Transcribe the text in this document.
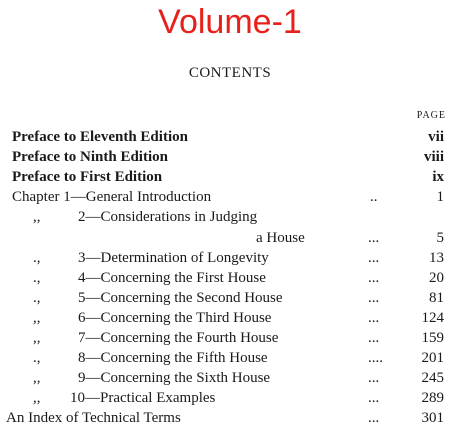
Volume-1
CONTENTS
PAGE
Preface to Eleventh Edition	vii
Preface to Ninth Edition	viii
Preface to First Edition	ix
Chapter 1—General Introduction	..	1
,,	2—Considerations in Judging
a House	...	5
.,	3—Determination of Longevity	...	13
.,	4—Concerning the First House	...	20
.,	5—Concerning the Second House	...	81
,,	6—Concerning the Third House	...	124
,,	7—Concerning the Fourth House	...	159
.,	8—Concerning the Fifth House	....	201
,,	9—Concerning the Sixth House	...	245
,, 10—Practical Examples	...	289
An Index of Technical Terms	...	301
